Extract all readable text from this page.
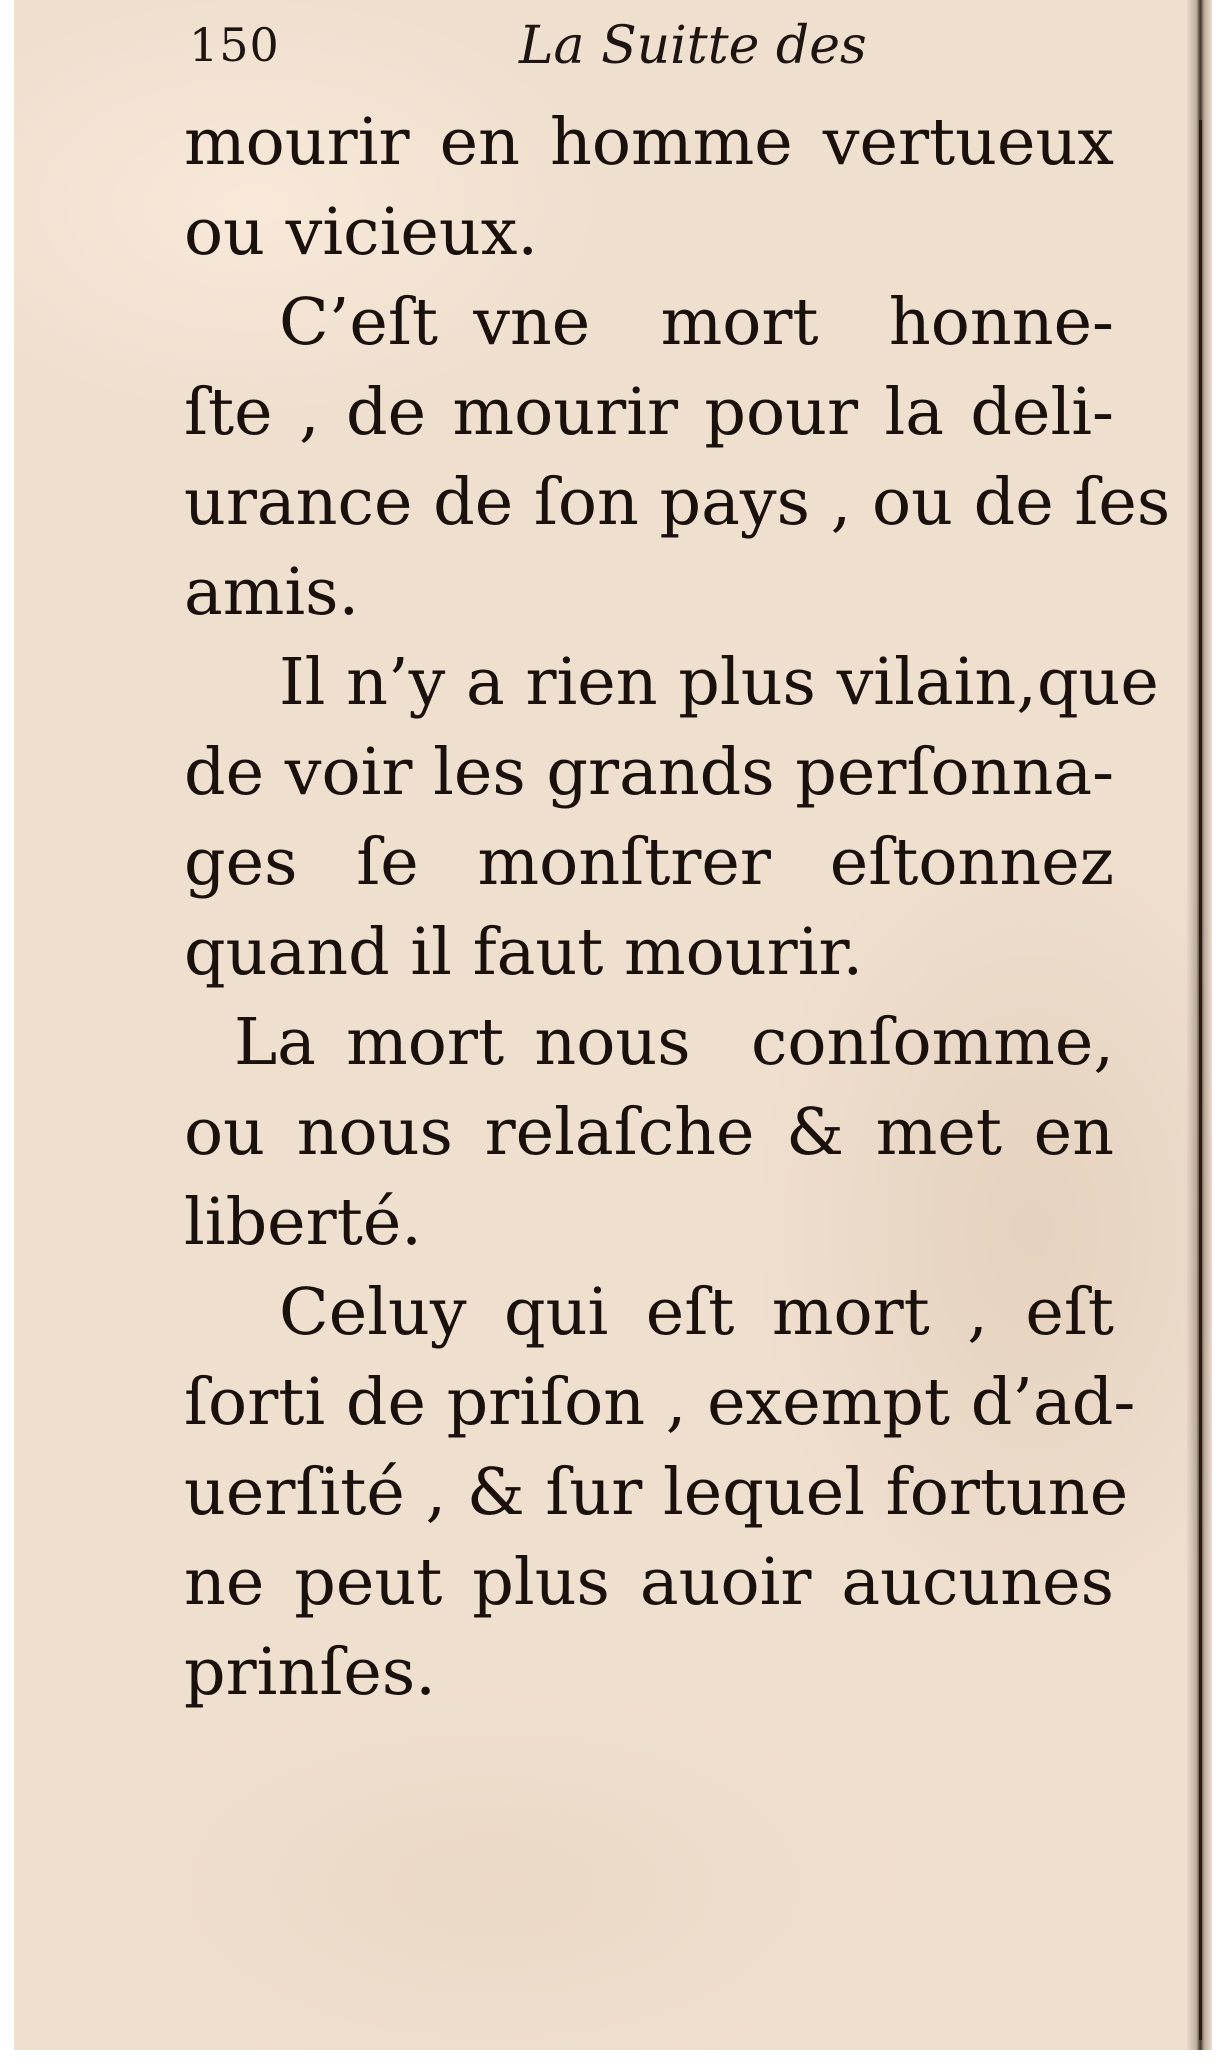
150	La Suitte des
mourir en homme vertueux
ou vicieux.
C’eſt vne  mort  honne-
ſte , de mourir pour la deli-
urance de ſon pays , ou de ſes
amis.
Il n’y a rien plus vilain,que
de voir les grands perſonna-
ges  ſe  monſtrer  eſtonnez
quand il faut mourir.
La mort nous  conſomme,
ou nous relaſche & met en
liberté.
Celuy qui eſt mort , eſt
ſorti de priſon , exempt d’ad-
uerſité , & ſur lequel fortune
ne peut plus auoir aucunes
prinſes.
